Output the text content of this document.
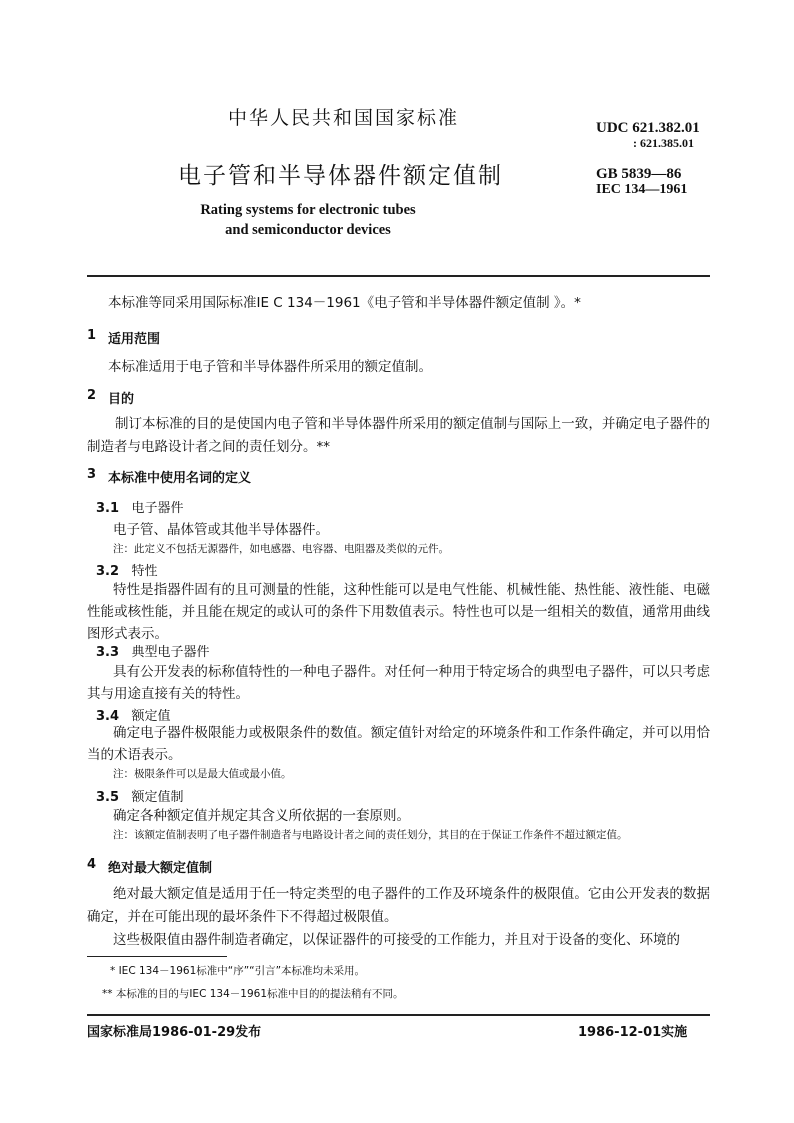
中华人民共和国国家标准
电子管和半导体器件额定值制
Rating systems for electronic tubes
and semiconductor devices
UDC 621.382.01
: 621.385.01
GB 5839—86
IEC 134—1961
本标准等同采用国际标准IE C 134－1961《电子管和半导体器件额定值制 》。*
1 适用范围
本标准适用于电子管和半导体器件所采用的额定值制。
2 目的
制订本标准的目的是使国内电子管和半导体器件所采用的额定值制与国际上一致，并确定电子器件的制造者与电路设计者之间的责任划分。**
3 本标准中使用名词的定义
3.1 电子器件
电子管、晶体管或其他半导体器件。
注：此定义不包括无源器件，如电感器、电容器、电阻器及类似的元件。
3.2 特性
特性是指器件固有的且可测量的性能，这种性能可以是电气性能、机械性能、热性能、液性能、电磁性能或核性能，并且能在规定的或认可的条件下用数值表示。特性也可以是一组相关的数值，通常用曲线图形式表示。
3.3 典型电子器件
具有公开发表的标称值特性的一种电子器件。对任何一种用于特定场合的典型电子器件，可以只考虑其与用途直接有关的特性。
3.4 额定值
确定电子器件极限能力或极限条件的数值。额定值针对给定的环境条件和工作条件确定，并可以用恰当的术语表示。
注：极限条件可以是最大值或最小值。
3.5 额定值制
确定各种额定值并规定其含义所依据的一套原则。
注：该额定值制表明了电子器件制造者与电路设计者之间的责任划分，其目的在于保证工作条件不超过额定值。
4 绝对最大额定值制
绝对最大额定值是适用于任一特定类型的电子器件的工作及环境条件的极限值。它由公开发表的数据确定，并在可能出现的最坏条件下不得超过极限值。
这些极限值由器件制造者确定，以保证器件的可接受的工作能力，并且对于设备的变化、环境的
* IEC 134－1961标准中“序”“引言”本标准均未采用。
** 本标准的目的与IEC 134－1961标准中目的的提法稍有不同。
国家标准局1986-01-29发布	1986-12-01实施
